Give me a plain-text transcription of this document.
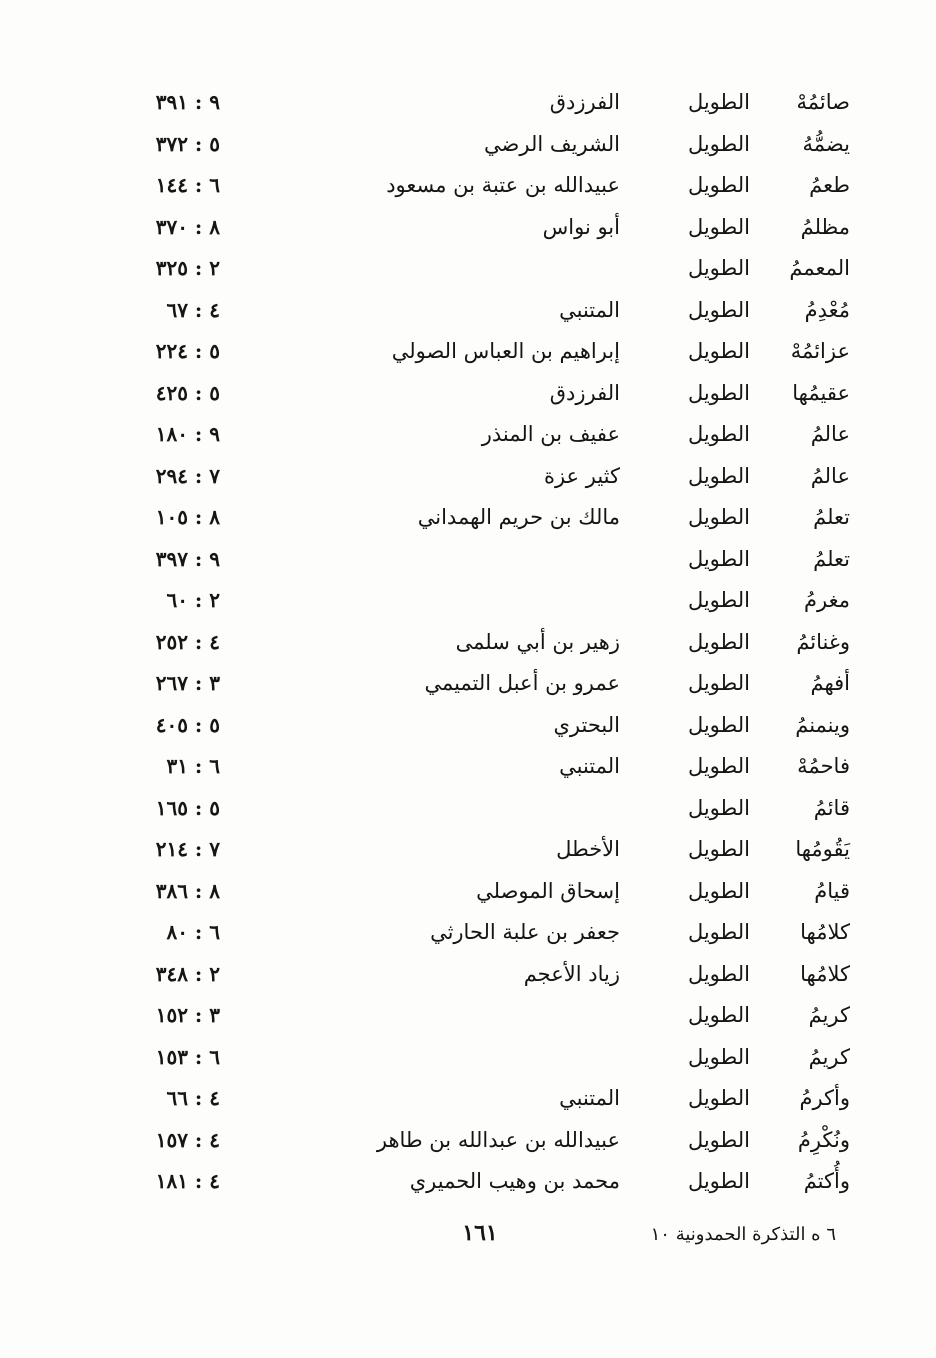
صائمُهْ
الطويل
الفرزدق
٩ : ٣٩١
يضمُّهُ
الطويل
الشريف الرضي
٥ : ٣٧٢
طعمُ
الطويل
عبيدالله بن عتبة بن مسعود
٦ : ١٤٤
مظلمُ
الطويل
أبو نواس
٨ : ٣٧٠
المعممُ
الطويل
٢ : ٣٢٥
مُعْدِمُ
الطويل
المتنبي
٤ : ٦٧
عزائمُهْ
الطويل
إبراهيم بن العباس الصولي
٥ : ٢٢٤
عقيمُها
الطويل
الفرزدق
٥ : ٤٢٥
عالمُ
الطويل
عفيف بن المنذر
٩ : ١٨٠
عالمُ
الطويل
كثير عزة
٧ : ٢٩٤
تعلمُ
الطويل
مالك بن حريم الهمداني
٨ : ١٠٥
تعلمُ
الطويل
٩ : ٣٩٧
مغرمُ
الطويل
٢ : ٦٠
وغنائمُ
الطويل
زهير بن أبي سلمى
٤ : ٢٥٢
أفهمُ
الطويل
عمرو بن أعبل التميمي
٣ : ٢٦٧
وينمنمُ
الطويل
البحتري
٥ : ٤٠٥
فاحمُهْ
الطويل
المتنبي
٦ : ٣١
قائمُ
الطويل
٥ : ١٦٥
يَقُومُها
الطويل
الأخطل
٧ : ٢١٤
قيامُ
الطويل
إسحاق الموصلي
٨ : ٣٨٦
كلامُها
الطويل
جعفر بن علبة الحارثي
٦ : ٨٠
كلامُها
الطويل
زياد الأعجم
٢ : ٣٤٨
كريمُ
الطويل
٣ : ١٥٢
كريمُ
الطويل
٦ : ١٥٣
وأكرمُ
الطويل
المتنبي
٤ : ٦٦
ونُكْرِمُ
الطويل
عبيدالله بن عبدالله بن طاهر
٤ : ١٥٧
وأُكتمُ
الطويل
محمد بن وهيب الحميري
٤ : ١٨١
١٦١	٦ ه التذكرة الحمدونية ١٠
